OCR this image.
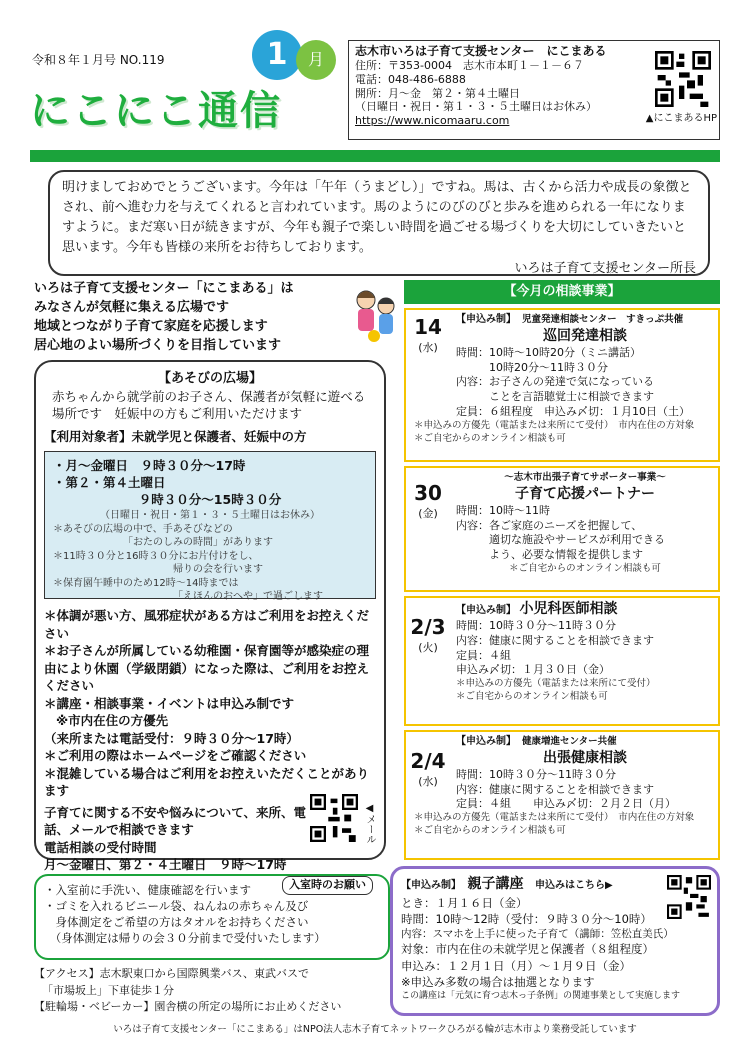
令和８年１月号 NO.119
にこにこ通信
1	月	志木市いろは子育て支援センター　にこまある
住所：〒353-0004　志木市本町１－１－６７
電話：048-486-6888
開所：月～金　第２・第４土曜日
（日曜日・祝日・第１・３・５土曜日はお休み）
https://www.nicomaaru.com	▲にこまあるHP
明けましておめでとうございます。今年は「午年（うまどし）」ですね。馬は、古くから活力や成長の象徴とされ、前へ進む力を与えてくれると言われています。馬のようにのびのびと歩みを進められる一年になりますように。まだ寒い日が続きますが、今年も親子で楽しい時間を過ごせる場づくりを大切にしていきたいと思います。今年も皆様の来所をお待ちしております。
いろは子育て支援センター所長
いろは子育て支援センター「にこまある」は
みなさんが気軽に集える広場です
地域とつながり子育て家庭を応援します
居心地のよい場所づくりを目指しています
【あそびの広場】
赤ちゃんから就学前のお子さん、保護者が気軽に遊べる場所です　妊娠中の方もご利用いただけます
【利用対象者】未就学児と保護者、妊娠中の方
・月～金曜日　９時３０分～17時
・第２・第４土曜日
９時３０分～15時３０分
（日曜日・祝日・第１・３・５土曜日はお休み）
＊あそびの広場の中で、手あそびなどの
「おたのしみの時間」があります
＊11時３０分と16時３０分にお片付けをし、
帰りの会を行います
＊保育園午睡中のため12時～14時までは
「えほんのおへや」で過ごします
＊体調が悪い方、風邪症状がある方はご利用をお控えください
＊お子さんが所属している幼稚園・保育園等が感染症の理由により休園（学級閉鎖）になった際は、ご利用をお控えください
＊講座・相談事業・イベントは申込み制です
※市内在住の方優先
（来所または電話受付：９時３０分～17時）
＊ご利用の際はホームページをご確認ください
＊混雑している場合はご利用をお控えいただくことがあります
子育てに関する不安や悩みについて、来所、電話、メールで相談できます
電話相談の受付時間
月～金曜日、第２・４土曜日　９時～17時
◀メール
【今月の相談事業】
14
(水)
【申込み制】　 児童発達相談センター　すきっぷ共催
巡回発達相談
時間：10時～10時20分（ミニ講話）
　　　10時20分～11時３０分
内容：お子さんの発達で気になっている
　　　ことを言語聴覚士に相談できます
定員：６組程度　申込み〆切：１月10日（土）
＊申込みの方優先（電話または来所にて受付）　市内在住の方対象
＊ご自宅からのオンライン相談も可
30
(金)
～志木市出張子育てサポーター事業～
子育て応援パートナー
時間：10時～11時
内容：各ご家庭のニーズを把握して、
　　　適切な施設やサービスが利用できる
　　　よう、必要な情報を提供します
＊ご自宅からのオンライン相談も可
2/3
(火)
【申込み制】 小児科医師相談
時間：10時３０分～11時３０分
内容：健康に関することを相談できます
定員：４組
申込み〆切：１月３０日（金）
＊申込みの方優先（電話または来所にて受付）
＊ご自宅からのオンライン相談も可
2/4
(水)
【申込み制】　 健康増進センター共催
出張健康相談
時間：10時３０分～11時３０分
内容：健康に関することを相談できます
定員：４組　　申込み〆切：２月２日（月）
＊申込みの方優先（電話または来所にて受付）　市内在住の方対象
＊ご自宅からのオンライン相談も可
・入室前に手洗い、健康確認を行います
・ゴミを入れるビニール袋、ねんねの赤ちゃん及び
　身体測定をご希望の方はタオルをお持ちください
　（身体測定は帰りの会３０分前まで受付いたします）
入室時のお願い
【アクセス】志木駅東口から国際興業バス、東武バスで
「市場坂上」下車徒歩１分
【駐輪場・ベビーカー】園舎横の所定の場所にお止めください
【申込み制】　 親子講座　 申込みはこちら▶
とき：１月１６日（金）
時間：10時～12時（受付：９時３０分～10時）
内容：スマホを上手に使った子育て（講師：笠松直美氏）
対象：市内在住の未就学児と保護者（８組程度）
申込み：１２月１日（月）～１月９日（金）
※申込み多数の場合は抽選となります
この講座は「元気に育つ志木っ子条例」の関連事業として実施します
いろは子育て支援センター「にこまある」はNPO法人志木子育てネットワークひろがる輪が志木市より業務受託しています
